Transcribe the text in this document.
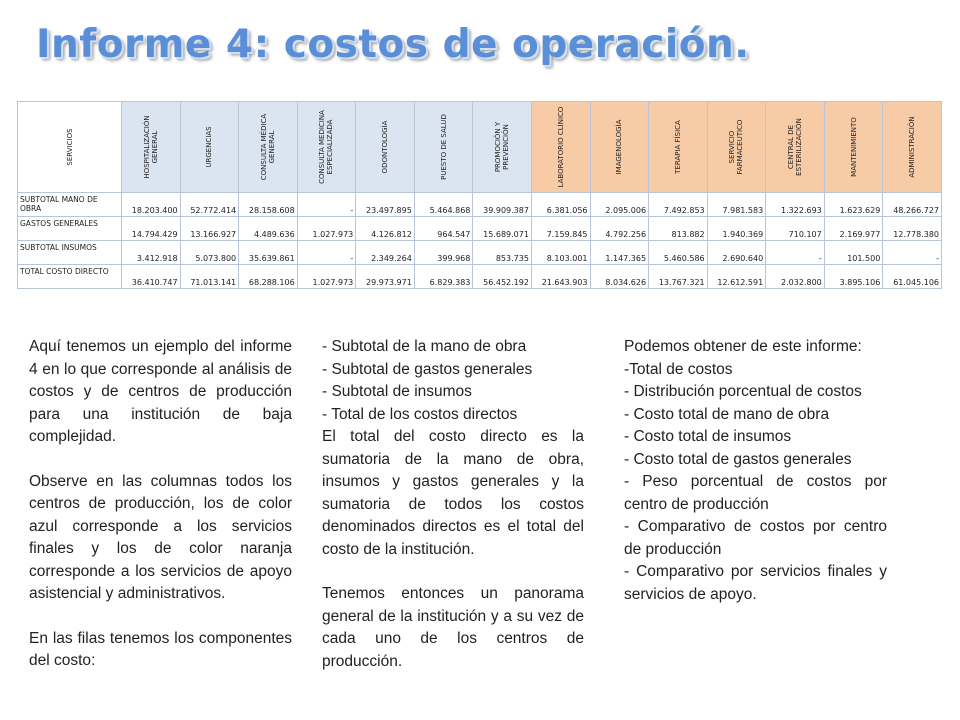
Informe 4: costos de operación.
SERVICIOS	HOSPITALIZACIÓN GENERAL	URGENCIAS	CONSULTA MÉDICA GENERAL	CONSULTA MEDICINA ESPECIALIZADA	ODONTOLOGÍA	PUESTO DE SALUD	PROMOCIÓN Y PREVENCIÓN	LABORATORIO CLÍNICO	IMAGENOLOGÍA	TERAPIA FÍSICA	SERVICIO FARMACEUTICO	CENTRAL DE ESTERILIZACIÓN	MANTENIMIENTO	ADMINISTRACIÓN

SUBTOTAL MANO DE OBRA	18.203.400	52.772.414	28.158.608	-	23.497.895	5.464.868	39.909.387	6.381.056	2.095.006	7.492.853	7.981.583	1.322.693	1.623.629	48.266.727
GASTOS GENERALES	14.794.429	13.166.927	4.489.636	1.027.973	4.126.812	964.547	15.689.071	7.159.845	4.792.256	813.882	1.940.369	710.107	2.169.977	12.778.380
SUBTOTAL INSUMOS	3.412.918	5.073.800	35.639.861	-	2.349.264	399.968	853.735	8.103.001	1.147.365	5.460.586	2.690.640	-	101.500	-
TOTAL COSTO DIRECTO	36.410.747	71.013.141	68.288.106	1.027.973	29.973.971	6.829.383	56.452.192	21.643.903	8.034.626	13.767.321	12.612.591	2.032.800	3.895.106	61.045.106

Aquí tenemos un ejemplo del informe 4 en lo que corresponde al análisis de costos y de centros de producción para una institución de baja complejidad.

Observe en las columnas todos los centros de producción, los de color azul corresponde a los servicios finales y los de color naranja corresponde a los servicios de apoyo asistencial y administrativos.

En las filas tenemos los componentes del costo:

- Subtotal de la mano de obra
- Subtotal de gastos generales
- Subtotal de insumos
- Total de los costos directos

El total del costo directo es la sumatoria de la mano de obra, insumos y gastos generales y la sumatoria de todos los costos denominados directos es el total del costo de la institución.

Tenemos entonces un panorama general de la institución y a su vez de cada uno de los centros de producción.

Podemos obtener de este informe:

-Total de costos
- Distribución porcentual de costos
- Costo total de mano de obra
- Costo total de insumos
- Costo total de gastos generales
- Peso porcentual de costos por centro de producción
- Comparativo de costos por centro de producción
- Comparativo por servicios finales y servicios de apoyo.
